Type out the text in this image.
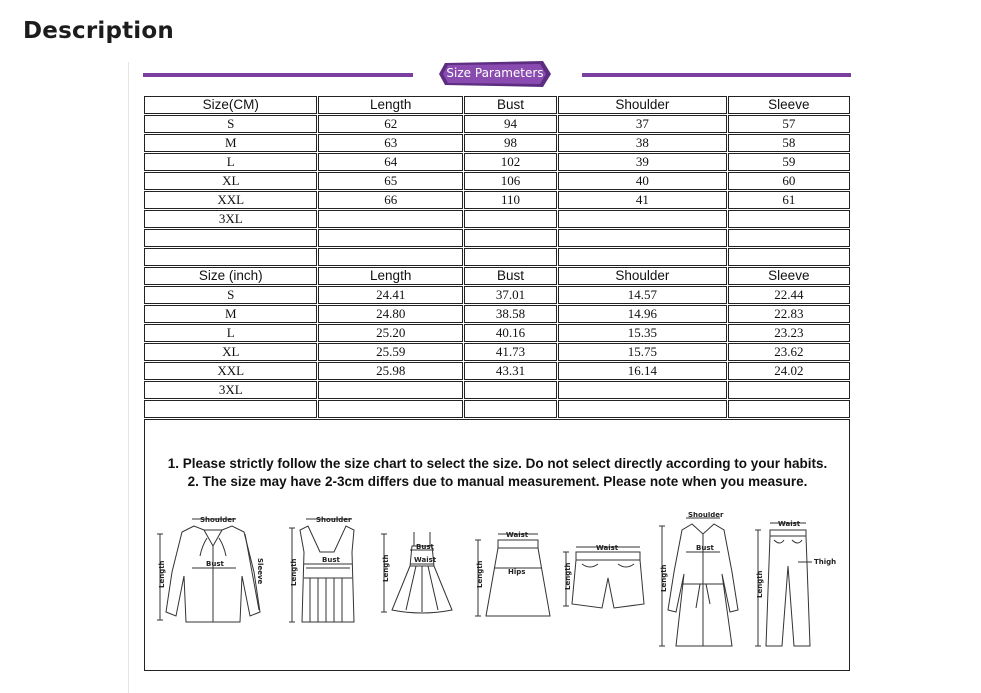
Description
Size Parameters
Size(CM)	Length	Bust	Shoulder	Sleeve
S	62	94	37	57
M	63	98	38	58
L	64	102	39	59
XL	65	106	40	60
XXL	66	110	41	61
3XL				

Size (inch)	Length	Bust	Shoulder	Sleeve
S	24.41	37.01	14.57	22.44
M	24.80	38.58	14.96	22.83
L	25.20	40.16	15.35	23.23
XL	25.59	41.73	15.75	23.62
XXL	25.98	43.31	16.14	24.02
3XL				

1. Please strictly follow the size chart to select the size. Do not select directly according to your habits.

2. The size may have 2-3cm differs due to manual measurement. Please note when you measure.

Shoulder
Bust
Length	Sleeve
Shoulder
Bust
Length
Bust
Waist
Length
Waist
Hips
Length
Waist
Length
Shoulder
Bust
Length
Waist
Thigh
Length
